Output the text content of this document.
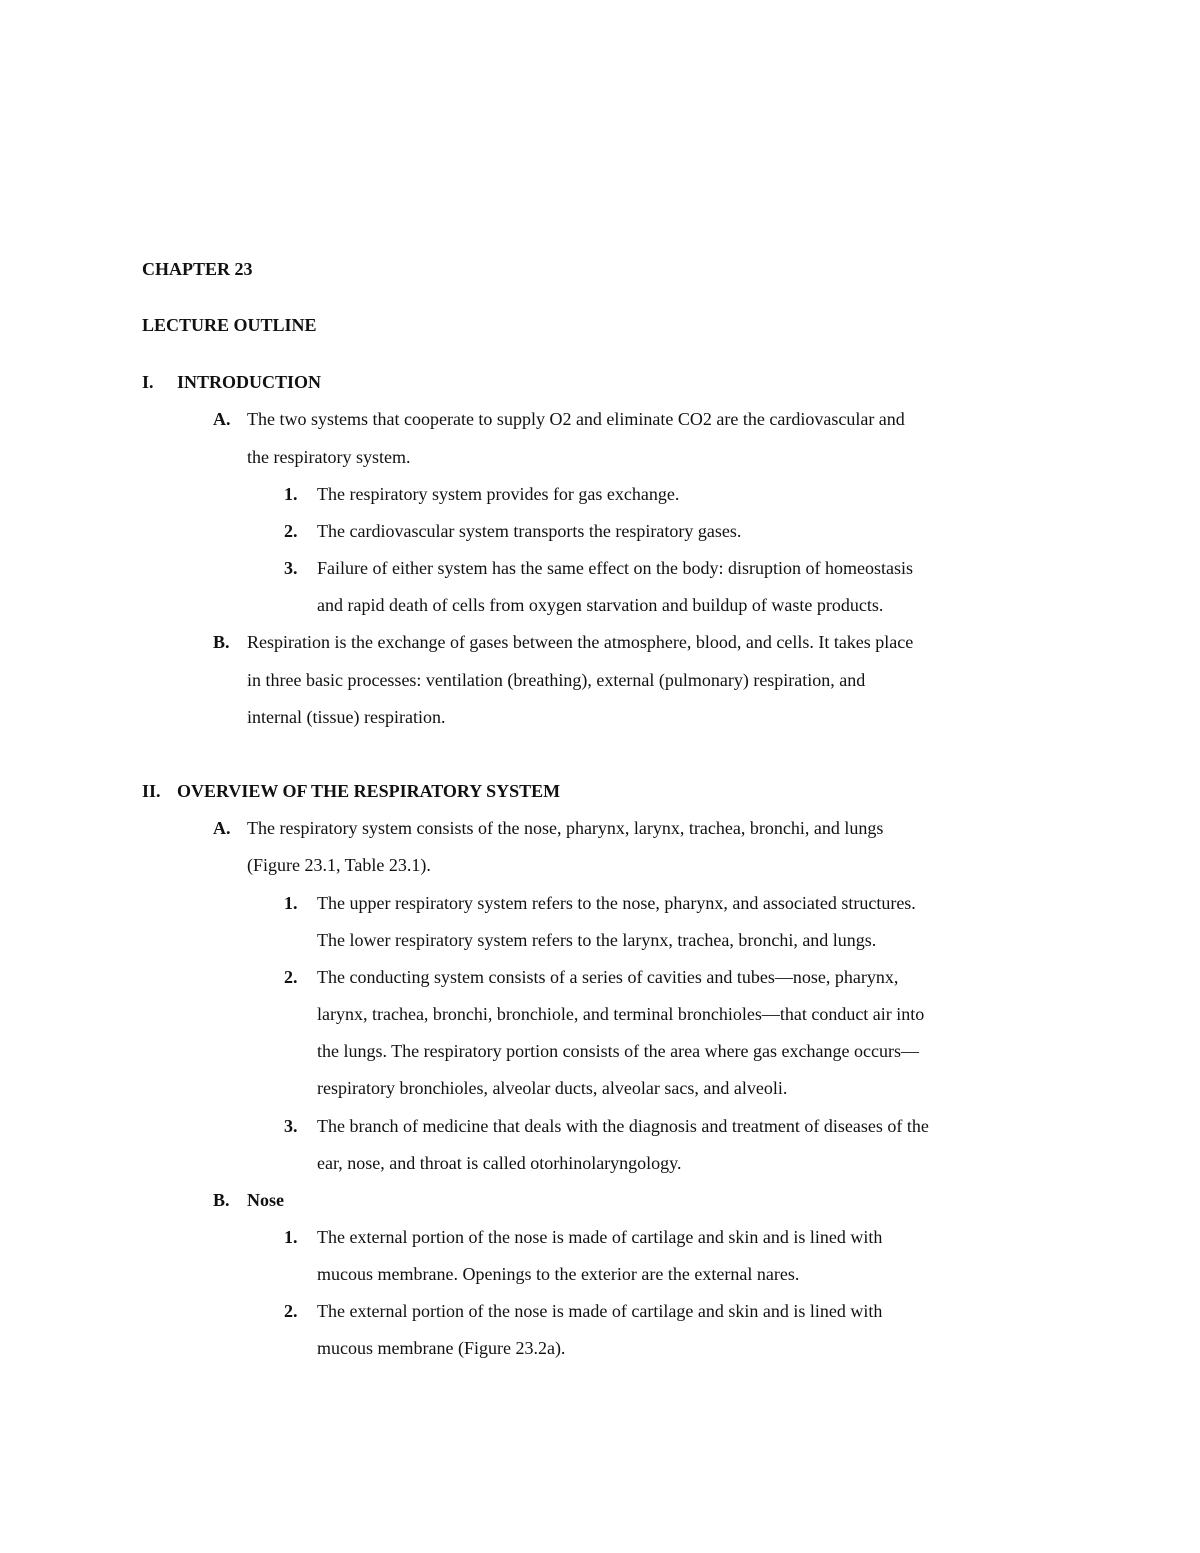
CHAPTER 23
LECTURE OUTLINE
I. INTRODUCTION
A. The two systems that cooperate to supply O2 and eliminate CO2 are the cardiovascular and
the respiratory system.
1. The respiratory system provides for gas exchange.
2. The cardiovascular system transports the respiratory gases.
3. Failure of either system has the same effect on the body: disruption of homeostasis
and rapid death of cells from oxygen starvation and buildup of waste products.
B. Respiration is the exchange of gases between the atmosphere, blood, and cells. It takes place
in three basic processes: ventilation (breathing), external (pulmonary) respiration, and
internal (tissue) respiration.
II. OVERVIEW OF THE RESPIRATORY SYSTEM
A. The respiratory system consists of the nose, pharynx, larynx, trachea, bronchi, and lungs
(Figure 23.1, Table 23.1).
1. The upper respiratory system refers to the nose, pharynx, and associated structures.
The lower respiratory system refers to the larynx, trachea, bronchi, and lungs.
2. The conducting system consists of a series of cavities and tubes—nose, pharynx,
larynx, trachea, bronchi, bronchiole, and terminal bronchioles—that conduct air into
the lungs. The respiratory portion consists of the area where gas exchange occurs—
respiratory bronchioles, alveolar ducts, alveolar sacs, and alveoli.
3. The branch of medicine that deals with the diagnosis and treatment of diseases of the
ear, nose, and throat is called otorhinolaryngology.
B. Nose
1. The external portion of the nose is made of cartilage and skin and is lined with
mucous membrane. Openings to the exterior are the external nares.
2. The external portion of the nose is made of cartilage and skin and is lined with
mucous membrane (Figure 23.2a).
